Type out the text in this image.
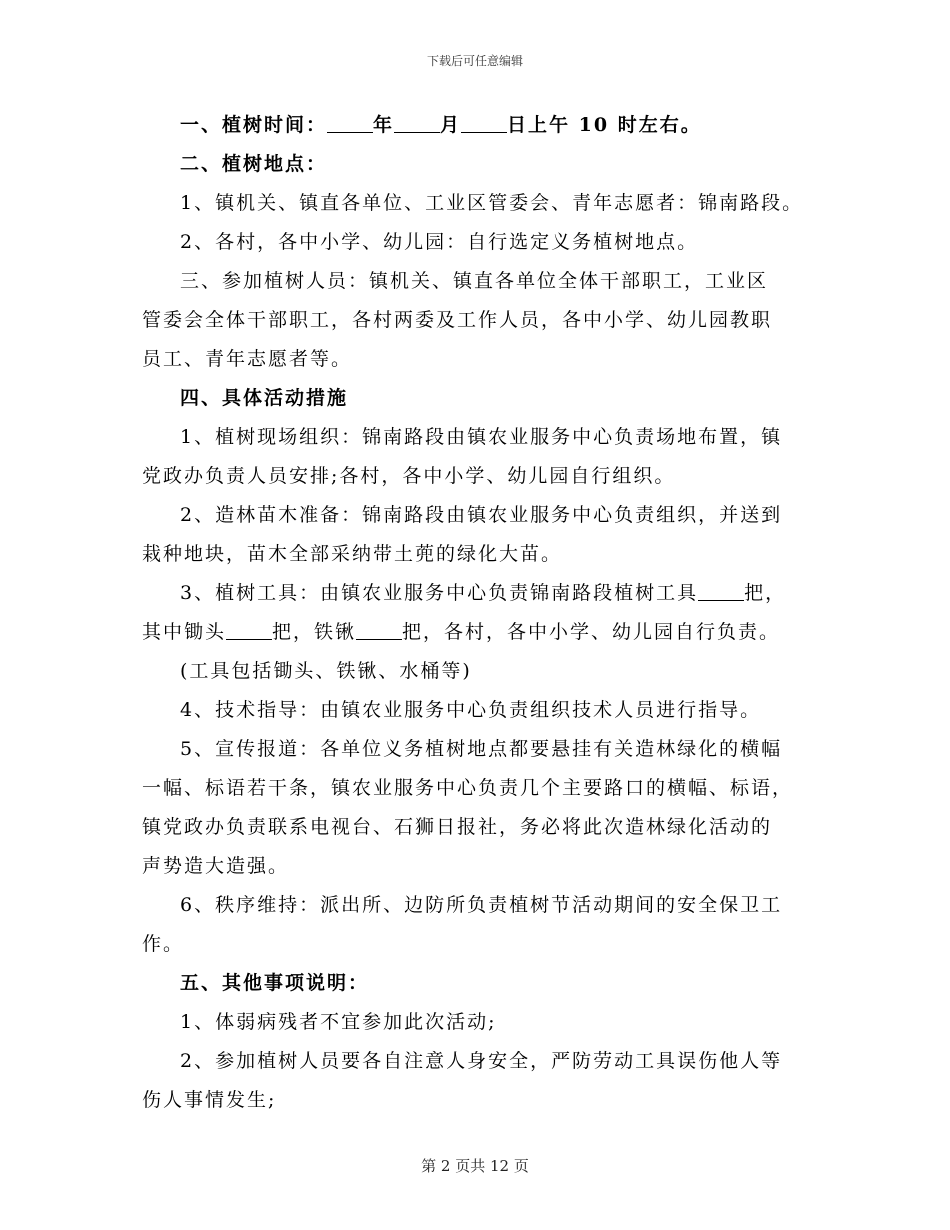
下载后可任意编辑

一、植树时间： 年 月 日上午 10 时左右。

二、植树地点：

1、镇机关、镇直各单位、工业区管委会、青年志愿者：锦南路段。

2、各村，各中小学、幼儿园：自行选定义务植树地点。

三、参加植树人员：镇机关、镇直各单位全体干部职工，工业区

管委会全体干部职工，各村两委及工作人员，各中小学、幼儿园教职

员工、青年志愿者等。

四、具体活动措施

1、植树现场组织：锦南路段由镇农业服务中心负责场地布置，镇

党政办负责人员安排;各村，各中小学、幼儿园自行组织。

2、造林苗木准备：锦南路段由镇农业服务中心负责组织，并送到

栽种地块，苗木全部采纳带土蔸的绿化大苗。

3、植树工具：由镇农业服务中心负责锦南路段植树工具 把，

其中锄头 把，铁锹 把，各村，各中小学、幼儿园自行负责。

(工具包括锄头、铁锹、水桶等)

4、技术指导：由镇农业服务中心负责组织技术人员进行指导。

5、宣传报道：各单位义务植树地点都要悬挂有关造林绿化的横幅

一幅、标语若干条，镇农业服务中心负责几个主要路口的横幅、标语，

镇党政办负责联系电视台、石狮日报社，务必将此次造林绿化活动的

声势造大造强。

6、秩序维持：派出所、边防所负责植树节活动期间的安全保卫工

作。

五、其他事项说明：

1、体弱病残者不宜参加此次活动;

2、参加植树人员要各自注意人身安全，严防劳动工具误伤他人等

伤人事情发生;

第 2 页共 12 页
